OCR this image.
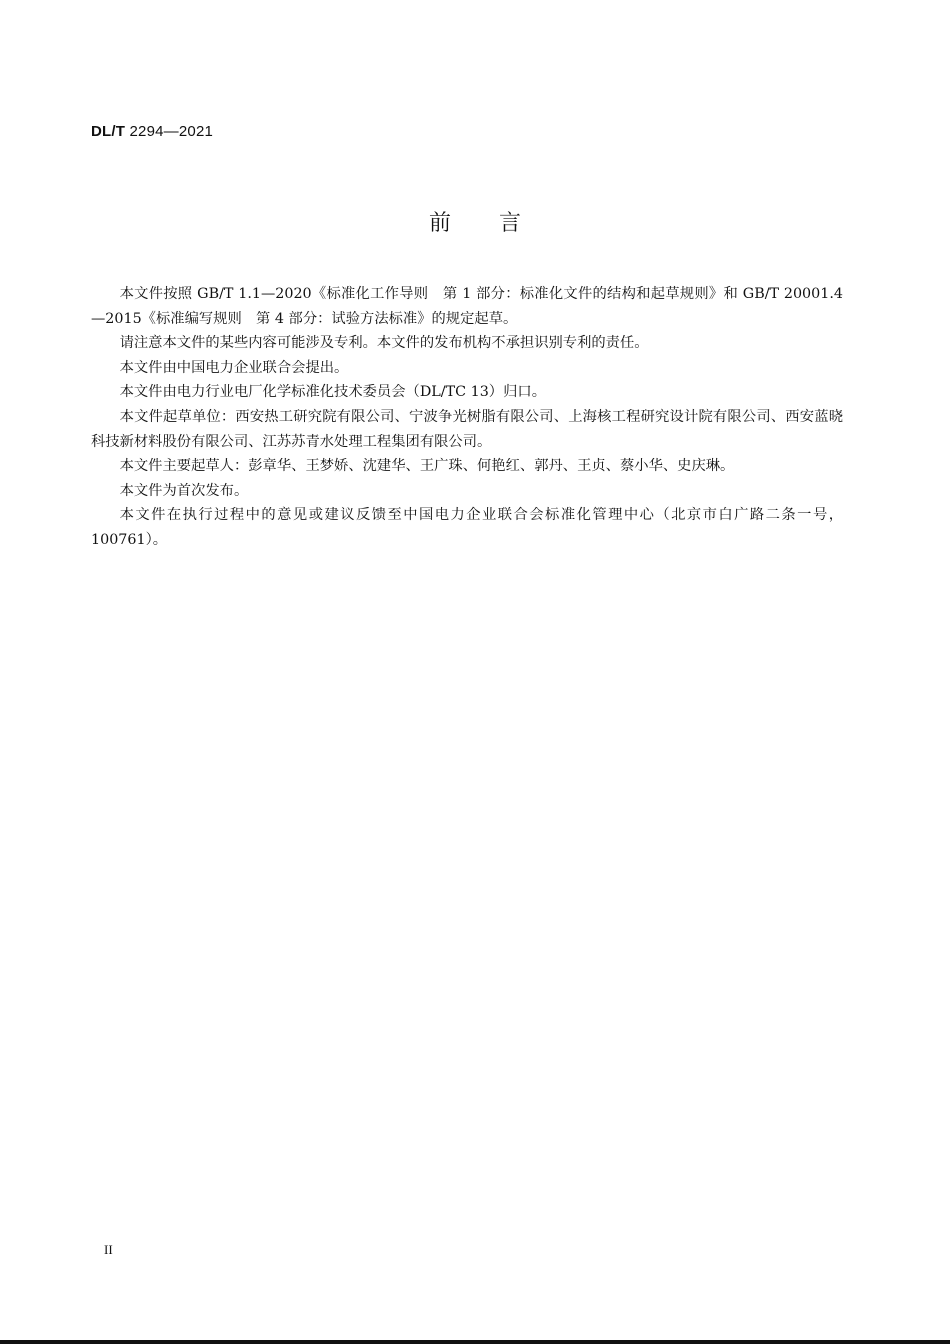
DL/T 2294—2021
前言

本文件按照 GB/T 1.1—2020《标准化工作导则　第 1 部分：标准化文件的结构和起草规则》和 GB/T 20001.4—2015《标准编写规则　第 4 部分：试验方法标准》的规定起草。

请注意本文件的某些内容可能涉及专利。本文件的发布机构不承担识别专利的责任。

本文件由中国电力企业联合会提出。

本文件由电力行业电厂化学标准化技术委员会（DL/TC 13）归口。

本文件起草单位：西安热工研究院有限公司、宁波争光树脂有限公司、上海核工程研究设计院有限公司、西安蓝晓科技新材料股份有限公司、江苏苏青水处理工程集团有限公司。

本文件主要起草人：彭章华、王梦娇、沈建华、王广珠、何艳红、郭丹、王贞、蔡小华、史庆琳。

本文件为首次发布。

本文件在执行过程中的意见或建议反馈至中国电力企业联合会标准化管理中心（北京市白广路二条一号，100761）。

II
